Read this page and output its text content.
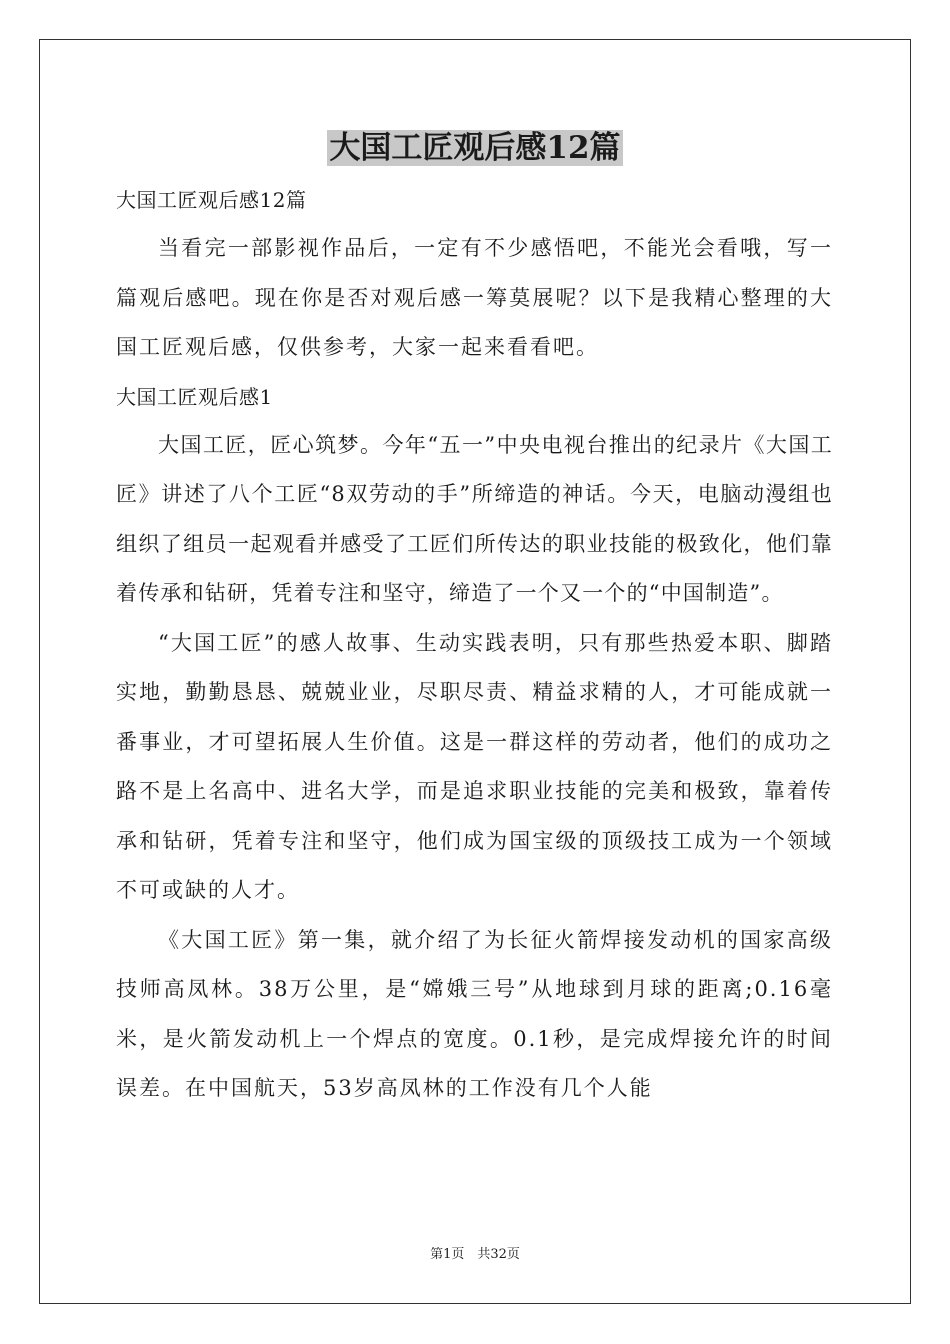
大国工匠观后感12篇

大国工匠观后感12篇

当看完一部影视作品后，一定有不少感悟吧，不能光会看哦，写一篇观后感吧。现在你是否对观后感一筹莫展呢？以下是我精心整理的大国工匠观后感，仅供参考，大家一起来看看吧。

大国工匠观后感1

大国工匠，匠心筑梦。今年“五一”中央电视台推出的纪录片《大国工匠》讲述了八个工匠“8双劳动的手”所缔造的神话。今天，电脑动漫组也组织了组员一起观看并感受了工匠们所传达的职业技能的极致化，他们靠着传承和钻研，凭着专注和坚守，缔造了一个又一个的“中国制造”。

“大国工匠”的感人故事、生动实践表明，只有那些热爱本职、脚踏实地，勤勤恳恳、兢兢业业，尽职尽责、精益求精的人，才可能成就一番事业，才可望拓展人生价值。这是一群这样的劳动者，他们的成功之路不是上名高中、进名大学，而是追求职业技能的完美和极致，靠着传承和钻研，凭着专注和坚守，他们成为国宝级的顶级技工成为一个领域不可或缺的人才。

《大国工匠》第一集，就介绍了为长征火箭焊接发动机的国家高级技师高凤林。38万公里，是“嫦娥三号”从地球到月球的距离;0.16毫米，是火箭发动机上一个焊点的宽度。0.1秒，是完成焊接允许的时间误差。在中国航天，53岁高凤林的工作没有几个人能

第1页　共32页
